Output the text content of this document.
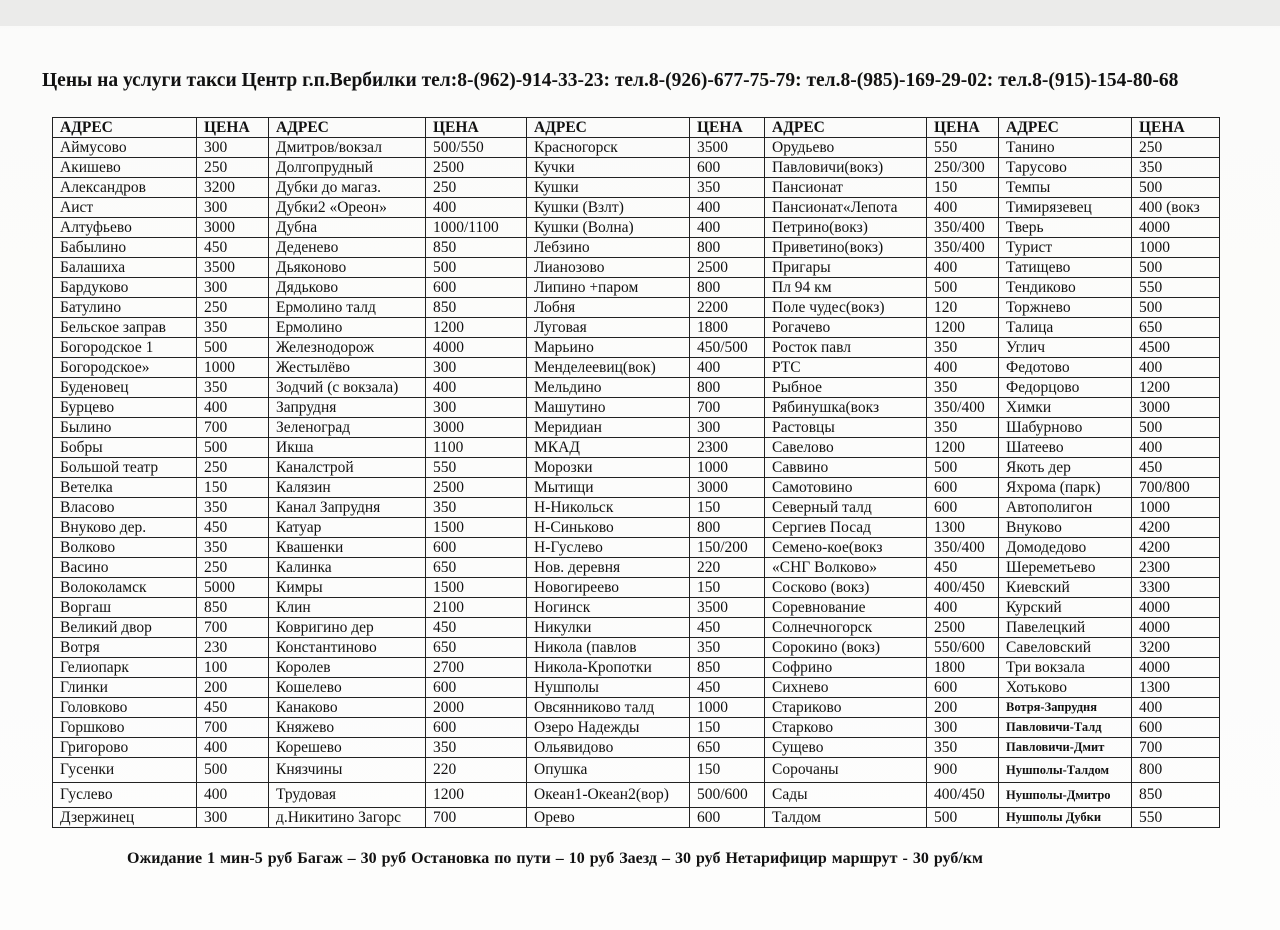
Цены на услуги такси Центр г.п.Вербилки тел:8-(962)-914-33-23: тел.8-(926)-677-75-79: тел.8-(985)-169-29-02: тел.8-(915)-154-80-68
АДРЕС	ЦЕНА	АДРЕС	ЦЕНА	АДРЕС	ЦЕНА	АДРЕС	ЦЕНА	АДРЕС	ЦЕНА
Аймусово	300	Дмитров/вокзал	500/550	Красногорск	3500	Орудьево	550	Танино	250
Акишево	250	Долгопрудный	2500	Кучки	600	Павловичи(вокз)	250/300	Тарусово	350
Александров	3200	Дубки до магаз.	250	Кушки	350	Пансионат	150	Темпы	500
Аист	300	Дубки2 «Ореон»	400	Кушки (Взлт)	400	Пансионат«Лепота	400	Тимирязевец	400 (вокз
Алтуфьево	3000	Дубна	1000/1100	Кушки (Волна)	400	Петрино(вокз)	350/400	Тверь	4000
Бабылино	450	Деденево	850	Лебзино	800	Приветино(вокз)	350/400	Турист	1000
Балашиха	3500	Дьяконово	500	Лианозово	2500	Пригары	400	Татищево	500
Бардуково	300	Дядьково	600	Липино +паром	800	Пл 94 км	500	Тендиково	550
Батулино	250	Ермолино талд	850	Лобня	2200	Поле чудес(вокз)	120	Торжнево	500
Бельское заправ	350	Ермолино	1200	Луговая	1800	Рогачево	1200	Талица	650
Богородское 1	500	Железнодорож	4000	Марьино	450/500	Росток павл	350	Углич	4500
Богородское»	1000	Жестылёво	300	Менделеевиц(вок)	400	РТС	400	Федотово	400
Буденовец	350	Зодчий (с вокзала)	400	Мельдино	800	Рыбное	350	Федорцово	1200
Бурцево	400	Запрудня	300	Машутино	700	Рябинушка(вокз	350/400	Химки	3000
Былино	700	Зеленоград	3000	Меридиан	300	Растовцы	350	Шабурново	500
Бобры	500	Икша	1100	МКАД	2300	Савелово	1200	Шатеево	400
Большой театр	250	Каналстрой	550	Морозки	1000	Саввино	500	Якоть дер	450
Ветелка	150	Калязин	2500	Мытищи	3000	Самотовино	600	Яхрома (парк)	700/800
Власово	350	Канал Запрудня	350	Н-Никольск	150	Северный талд	600	Автополигон	1000
Внуково дер.	450	Катуар	1500	Н-Синьково	800	Сергиев Посад	1300	Внуково	4200
Волково	350	Квашенки	600	Н-Гуслево	150/200	Семено-кое(вокз	350/400	Домодедово	4200
Васино	250	Калинка	650	Нов. деревня	220	«СНГ Волково»	450	Шереметьево	2300
Волоколамск	5000	Кимры	1500	Новогиреево	150	Сосково (вокз)	400/450	Киевский	3300
Воргаш	850	Клин	2100	Ногинск	3500	Соревнование	400	Курский	4000
Великий двор	700	Ковригино дер	450	Никулки	450	Солнечногорск	2500	Павелецкий	4000
Вотря	230	Константиново	650	Никола (павлов	350	Сорокино (вокз)	550/600	Савеловский	3200
Гелиопарк	100	Королев	2700	Никола-Кропотки	850	Софрино	1800	Три вокзала	4000
Глинки	200	Кошелево	600	Нушполы	450	Сихнево	600	Хотьково	1300
Головково	450	Канаково	2000	Овсянниково талд	1000	Стариково	200	Вотря-Запрудня	400
Горшково	700	Княжево	600	Озеро Надежды	150	Старково	300	Павловичи-Талд	600
Григорово	400	Корешево	350	Ольявидово	650	Сущево	350	Павловичи-Дмит	700
Гусенки	500	Князчины	220	Опушка	150	Сорочаны	900	Нушполы-Талдом	800
Гуслево	400	Трудовая	1200	Океан1-Океан2(вор)	500/600	Сады	400/450	Нушполы-Дмитро	850
Дзержинец	300	д.Никитино Загорс	700	Орево	600	Талдом	500	Нушполы Дубки	550
Ожидание 1 мин-5 руб Багаж – 30 руб Остановка по пути – 10 руб Заезд – 30 руб Нетарифицир маршрут - 30 руб/км
